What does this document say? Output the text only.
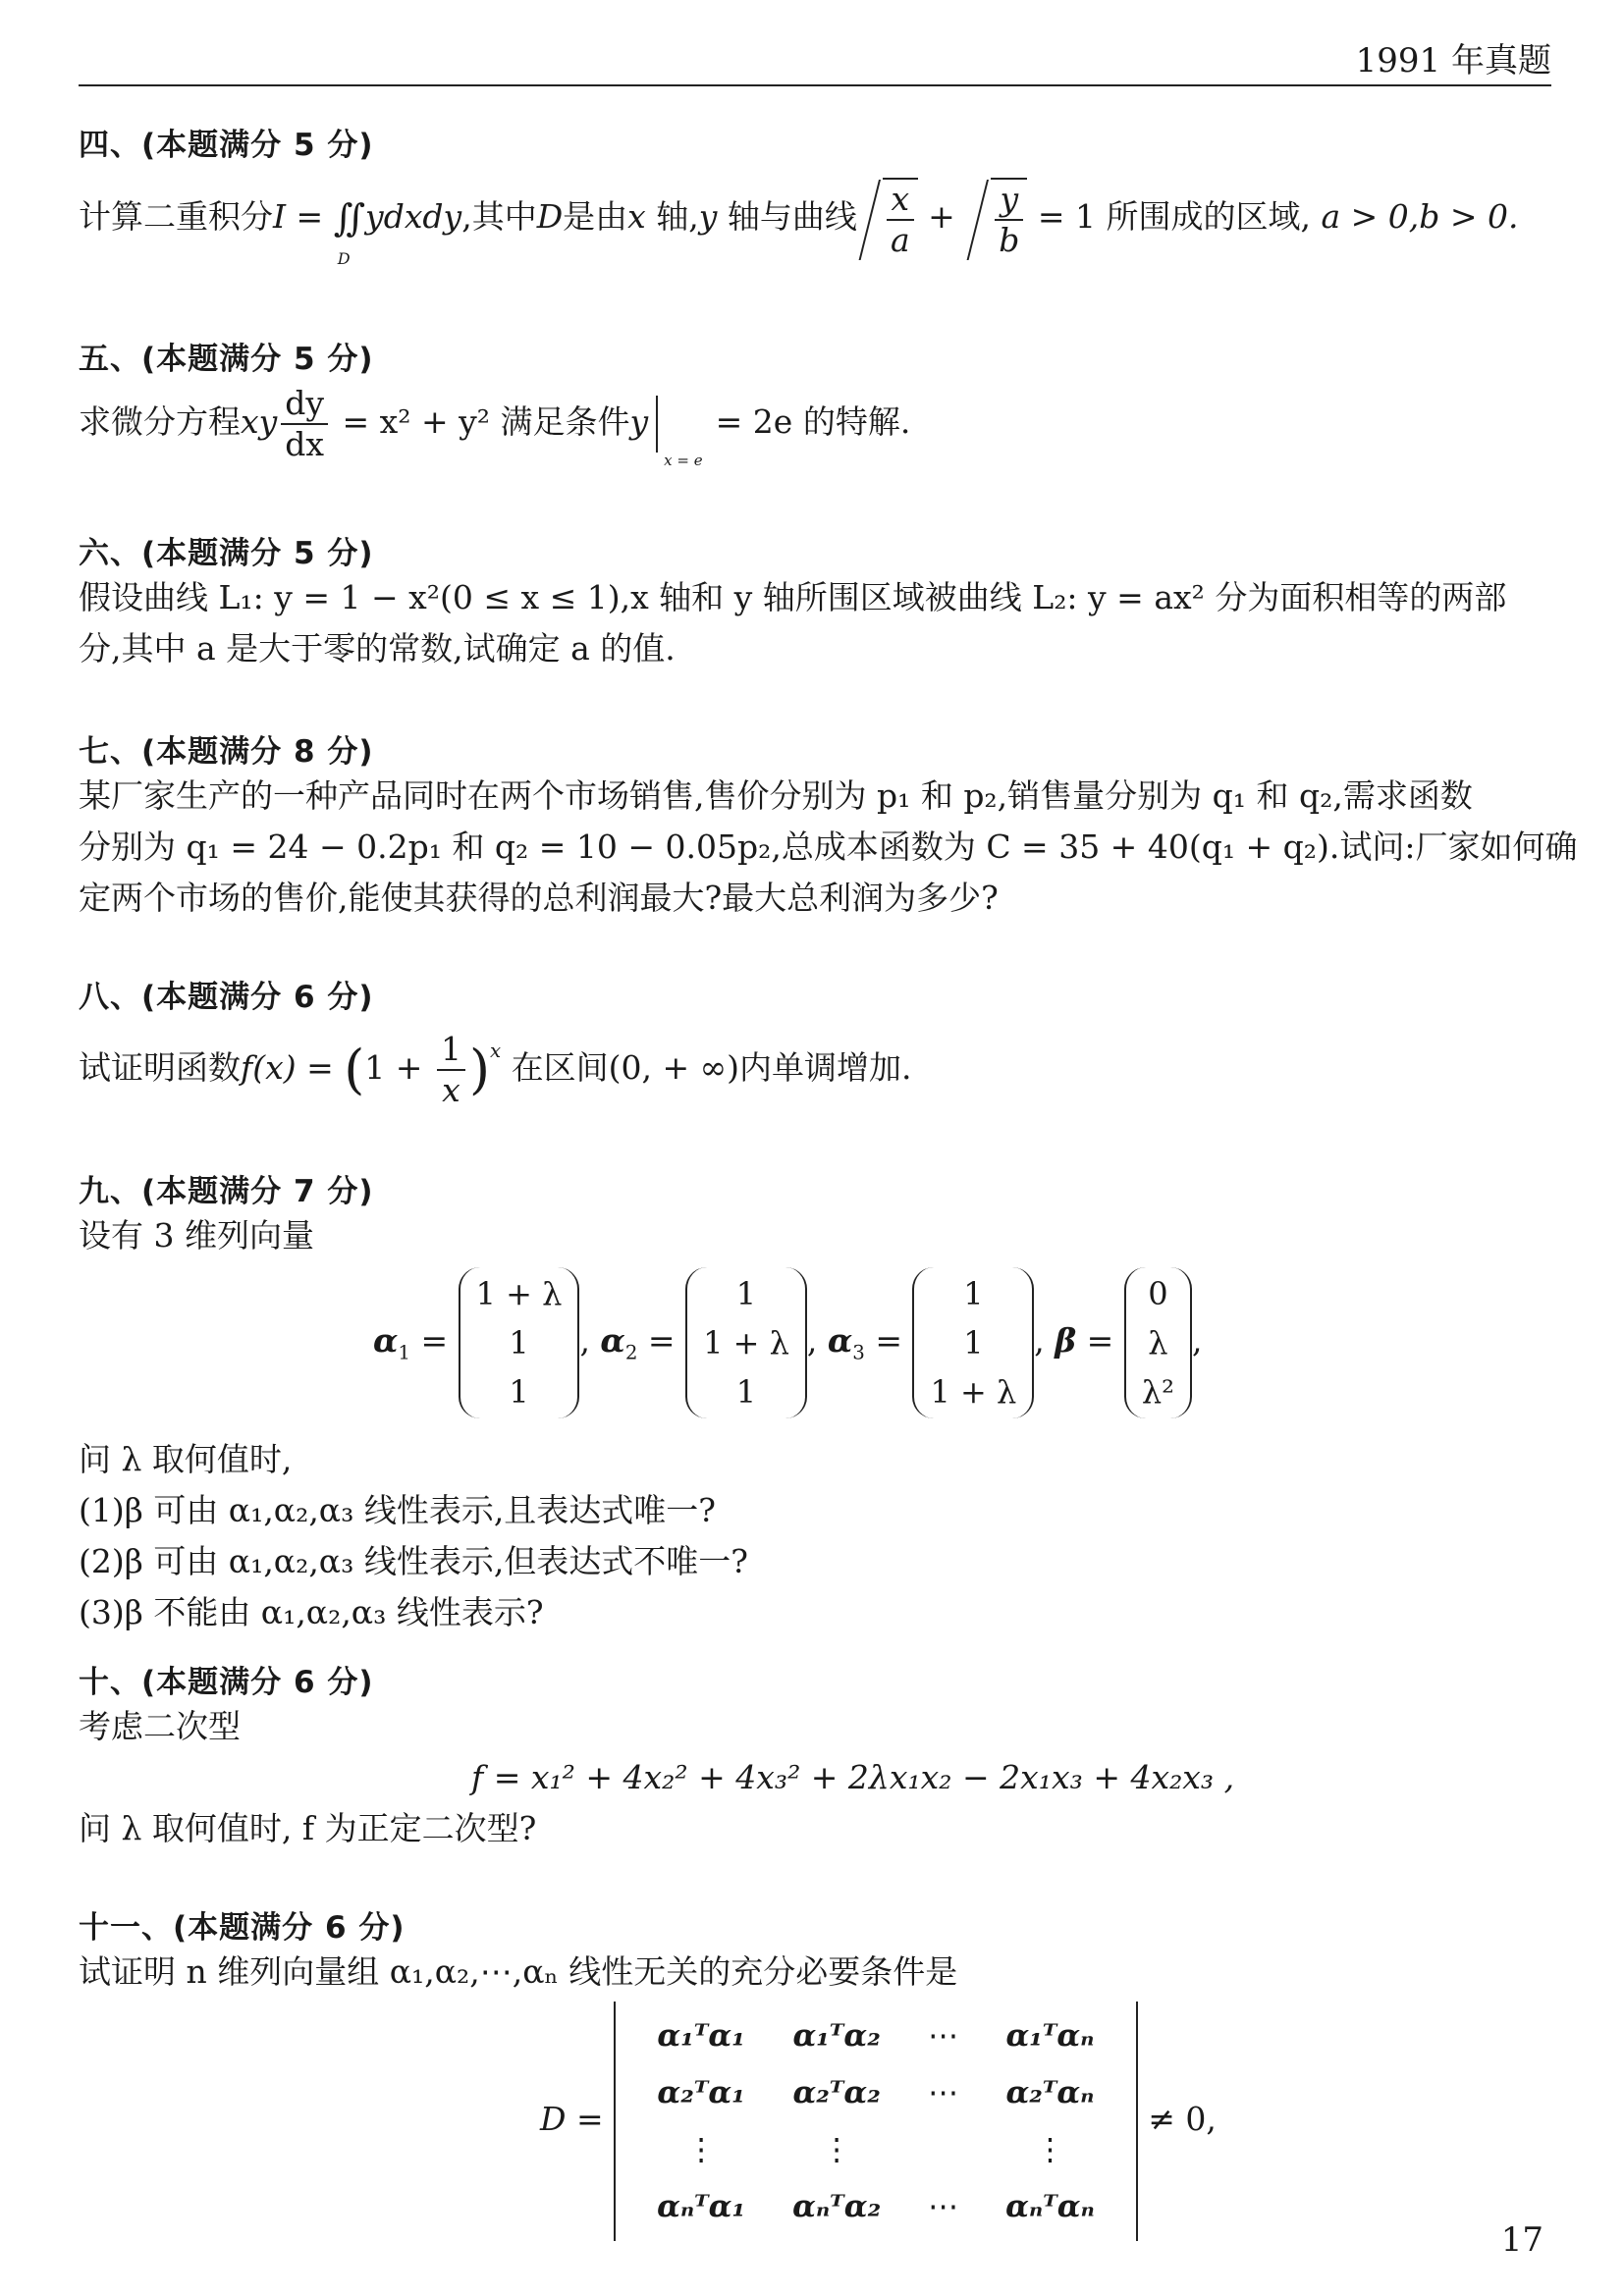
1991 年真题
四、(本题满分 5 分)
计算二重积分I = ∬
D
ydxdy,其中D是由x 轴,y 轴与曲线 $\frac{x}{a} + \frac{y}{b} = 1$ 所围成的区域, a > 0,b > 0.
五、(本题满分 5 分)
求微分方程xy $\frac{dy}{dx} = x^2 + y^2$ 满足条件y
x = e
= 2e 的特解.
六、(本题满分 5 分)
假设曲线 L₁: y = 1 − x²(0 ≤ x ≤ 1),x 轴和 y 轴所围区域被曲线 L₂: y = ax² 分为面积相等的两部
分,其中 a 是大于零的常数,试确定 a 的值.
七、(本题满分 8 分)
某厂家生产的一种产品同时在两个市场销售,售价分别为 p₁ 和 p₂,销售量分别为 q₁ 和 q₂,需求函数
分别为 q₁ = 24 − 0.2p₁ 和 q₂ = 10 − 0.05p₂,总成本函数为 C = 35 + 40(q₁ + q₂).试问:厂家如何确
定两个市场的售价,能使其获得的总利润最大?最大总利润为多少?
八、(本题满分 6 分)
试证明函数$f(x) = (1 + \frac{1}{x} )^x$ 在区间(0, + ∞)内单调增加.
九、(本题满分 7 分)
设有 3 维列向量
$\alpha_1$ =
1 + λ
1
1
, $\alpha_2$ =
1
1 + λ
1
, $\alpha_3$ =
1
1
1 + λ
, β =
0
λ
λ²
,
问 λ 取何值时,
(1)β 可由 α₁,α₂,α₃ 线性表示,且表达式唯一?
(2)β 可由 α₁,α₂,α₃ 线性表示,但表达式不唯一?
(3)β 不能由 α₁,α₂,α₃ 线性表示?
十、(本题满分 6 分)
考虑二次型
f = x₁² + 4x₂² + 4x₃² + 2λx₁x₂ − 2x₁x₃ + 4x₂x₃ ,
问 λ 取何值时, f 为正定二次型?
十一、(本题满分 6 分)
试证明 n 维列向量组 α₁,α₂,⋯,αₙ 线性无关的充分必要条件是
D =
α₁ᵀα₁	α₁ᵀα₂	⋯	α₁ᵀαₙ
α₂ᵀα₁	α₂ᵀα₂	⋯	α₂ᵀαₙ
⋮	⋮		⋮
αₙᵀα₁	αₙᵀα₂	⋯	αₙᵀαₙ
≠ 0,
17
